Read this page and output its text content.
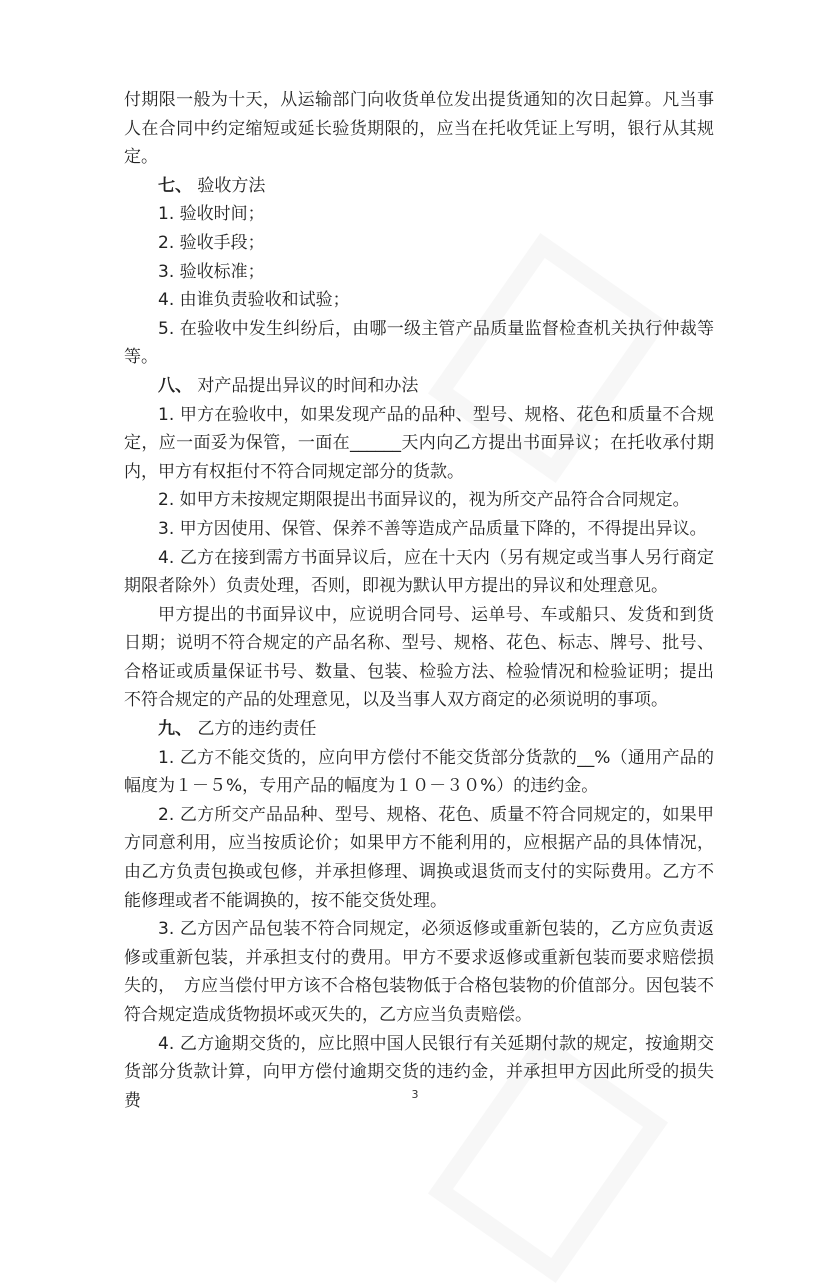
付期限一般为十天，从运输部门向收货单位发出提货通知的次日起算。凡当事人在合同中约定缩短或延长验货期限的，应当在托收凭证上写明，银行从其规定。

七、 验收方法

1. 验收时间；

2. 验收手段；

3. 验收标准；

4. 由谁负责验收和试验；

5. 在验收中发生纠纷后，由哪一级主管产品质量监督检查机关执行仲裁等等。

八、 对产品提出异议的时间和办法

1. 甲方在验收中，如果发现产品的品种、型号、规格、花色和质量不合规定，应一面妥为保管，一面在______天内向乙方提出书面异议；在托收承付期内，甲方有权拒付不符合同规定部分的货款。

2. 如甲方未按规定期限提出书面异议的，视为所交产品符合合同规定。

3. 甲方因使用、保管、保养不善等造成产品质量下降的，不得提出异议。

4. 乙方在接到需方书面异议后，应在十天内（另有规定或当事人另行商定期限者除外）负责处理，否则，即视为默认甲方提出的异议和处理意见。

甲方提出的书面异议中，应说明合同号、运单号、车或船只、发货和到货日期；说明不符合规定的产品名称、型号、规格、花色、标志、牌号、批号、合格证或质量保证书号、数量、包装、检验方法、检验情况和检验证明；提出不符合规定的产品的处理意见，以及当事人双方商定的必须说明的事项。

九、 乙方的违约责任

1. 乙方不能交货的，应向甲方偿付不能交货部分货款的__%（通用产品的幅度为１－５%，专用产品的幅度为１０－３０%）的违约金。

2. 乙方所交产品品种、型号、规格、花色、质量不符合同规定的，如果甲方同意利用，应当按质论价；如果甲方不能利用的，应根据产品的具体情况，由乙方负责包换或包修，并承担修理、调换或退货而支付的实际费用。乙方不能修理或者不能调换的，按不能交货处理。

3. 乙方因产品包装不符合同规定，必须返修或重新包装的，乙方应负责返修或重新包装，并承担支付的费用。甲方不要求返修或重新包装而要求赔偿损失的，　方应当偿付甲方该不合格包装物低于合格包装物的价值部分。因包装不符合规定造成货物损坏或灭失的，乙方应当负责赔偿。

4. 乙方逾期交货的，应比照中国人民银行有关延期付款的规定，按逾期交货部分货款计算，向甲方偿付逾期交货的违约金，并承担甲方因此所受的损失费	3
